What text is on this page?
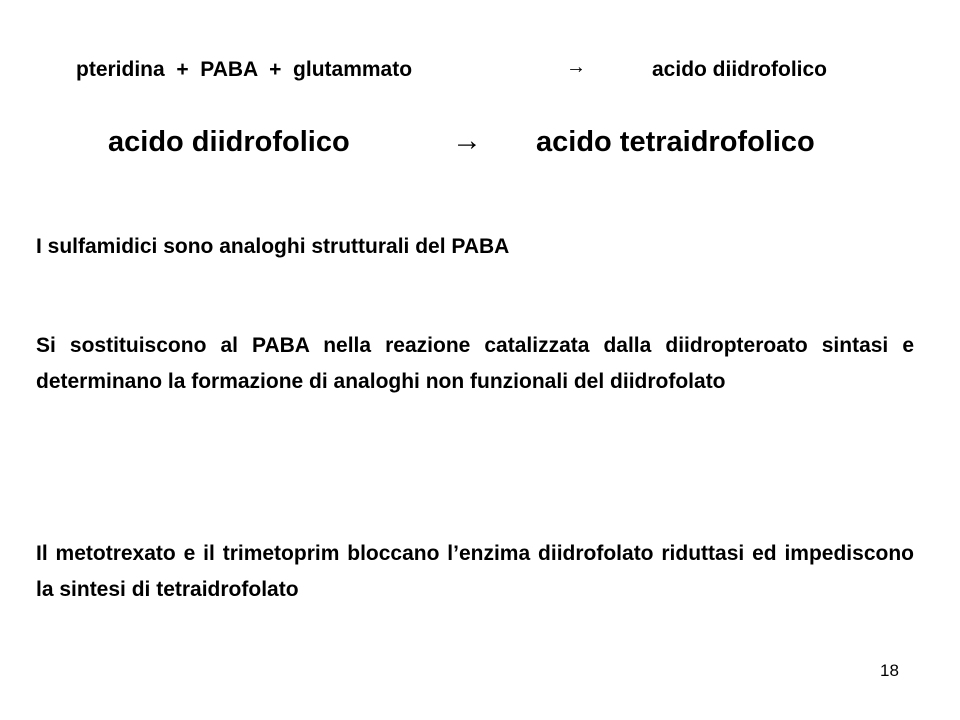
pteridina  +  PABA  +  glutammato	→	acido diidrofolico
acido diidrofolico	→ acido tetraidrofolico
I sulfamidici sono analoghi strutturali del PABA
Si sostituiscono al PABA nella reazione catalizzata dalla diidropteroato sintasi e determinano la formazione di analoghi non funzionali del diidrofolato
Il metotrexato e il trimetoprim bloccano l’enzima diidrofolato riduttasi ed impediscono la sintesi di tetraidrofolato
18
